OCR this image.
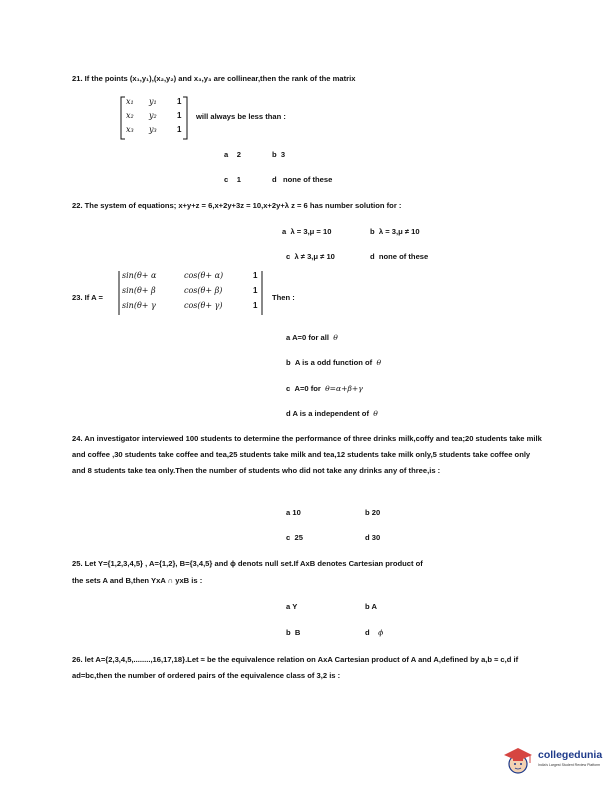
21. If the points (x₁,y₁),(x₂,y₂) and x₃,y₃ are collinear,then the rank of the matrix
x₁ y₁	1
x₂ y₂	1
x₃ y₃	1
will always be less than :
a 2	b 3
c 1	d none of these
22. The system of equations; x+y+z = 6,x+2y+3z = 10,x+2y+λ z = 6 has number solution for :
a λ = 3,μ = 10	b λ = 3,μ ≠ 10
c λ ≠ 3,μ ≠ 10	d none of these
23. If A =
sin(θ+ α	cos(θ+ α)	1
sin(θ+ β	cos(θ+ β)	1
sin(θ+ γ	cos(θ+ γ)	1
Then :
a A=0 for all θ
b A is a odd function of θ
c A=0 for θ=α+β+γ
d A is a independent of θ
24. An investigator interviewed 100 students to determine the performance of three drinks milk,coffy and tea;20 students take milk and coffee ,30 students take coffee and tea,25 students take milk and tea,12 students take milk only,5 students take coffee only and 8 students take tea only.Then the number of students who did not take any drinks any of three,is :
a 10	b 20
c 25	d 30
25. Let Y={1,2,3,4,5} , A={1,2}, B={3,4,5} and ϕ denots null set.If AxB denotes Cartesian product of
the sets A and B,then YxA ∩ yxB is :
a Y	b A
b B	d ϕ
26. let A={2,3,4,5,........,16,17,18}.Let ≈ be the equivalence relation on AxA Cartesian product of A and A,defined by a,b ≈ c,d if ad=bc,then the number of ordered pairs of the equivalence class of 3,2 is :
collegedunia
India's Largest Student Review Platform
